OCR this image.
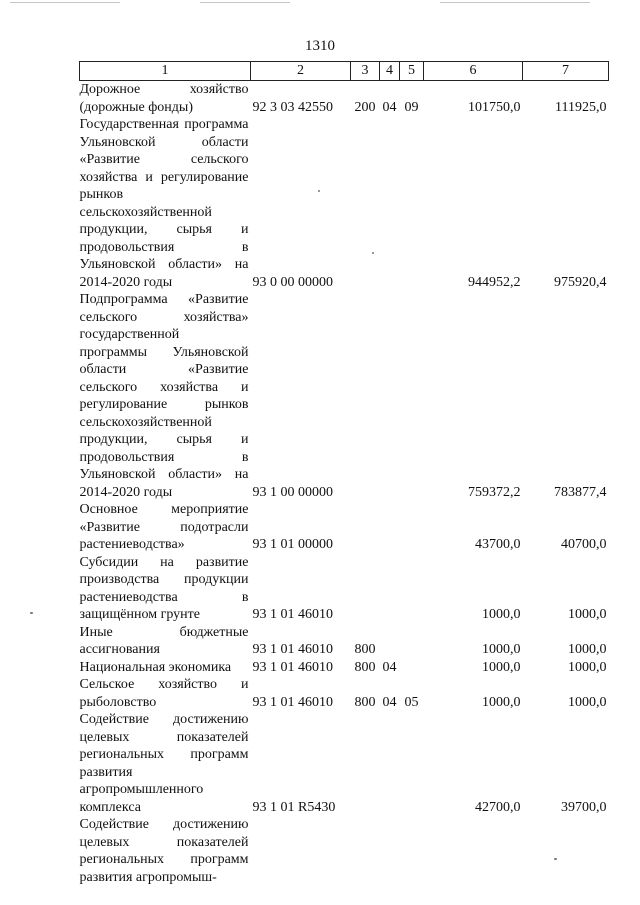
1310
1	2	3	4	5	6	7
Дорожное хозяйство (дорожные фонды)	92 3 03 42550	200	04	09	101750,0	111925,0
Государственная программа Ульяновской области «Развитие сельского хозяйства и регулирование рынков сельскохозяйственной продукции, сырья и продовольствия в Ульяновской области» на 2014-2020 годы	93 0 00 00000				944952,2	975920,4
Подпрограмма «Развитие сельского хозяйства» государственной программы Ульяновской области «Развитие сельского хозяйства и регулирование рынков сельскохозяйственной продукции, сырья и продовольствия в Ульяновской области» на 2014-2020 годы	93 1 00 00000				759372,2	783877,4
Основное мероприятие «Развитие подотрасли растениеводства»	93 1 01 00000				43700,0	40700,0
Субсидии на развитие производства продукции растениеводства в защищённом грунте	93 1 01 46010				1000,0	1000,0
Иные бюджетные ассигнования	93 1 01 46010	800			1000,0	1000,0
Национальная экономика	93 1 01 46010	800	04		1000,0	1000,0
Сельское хозяйство и рыболовство	93 1 01 46010	800	04	05	1000,0	1000,0
Содействие достижению целевых показателей региональных программ развития агропромышленного комплекса	93 1 01 R5430				42700,0	39700,0
Содействие достижению целевых показателей региональных программ развития агропромыш-						
